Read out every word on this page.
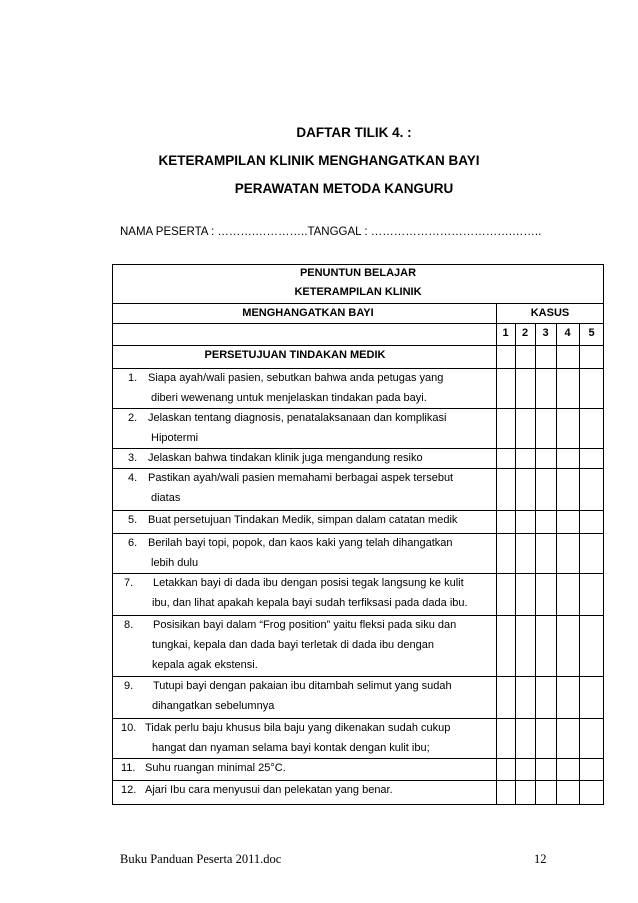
DAFTAR TILIK 4. :
KETERAMPILAN KLINIK MENGHANGATKAN BAYI
PERAWATAN METODA KANGURU
NAMA PESERTA : ……….…………..TANGGAL : ……………………………….……..
PENUNTUN BELAJAR
KETERAMPILAN KLINIK
MENGHANGATKAN BAYI	KASUS
1	2	3	4	5
PERSETUJUAN TINDAKAN MEDIK
1. Siapa ayah/wali pasien, sebutkan bahwa anda petugas yang
diberi wewenang untuk menjelaskan tindakan pada bayi.
2. Jelaskan tentang diagnosis, penatalaksanaan dan komplikasi
Hipotermi
3. Jelaskan bahwa tindakan klinik juga mengandung resiko
4. Pastikan ayah/wali pasien memahami berbagai aspek tersebut
diatas
5. Buat persetujuan Tindakan Medik, simpan dalam catatan medik
6. Berilah bayi topi, popok, dan kaos kaki yang telah dihangatkan
lebih dulu
7. Letakkan bayi di dada ibu dengan posisi tegak langsung ke kulit
ibu, dan lihat apakah kepala bayi sudah terfiksasi pada dada ibu.
8. Posisikan bayi dalam “Frog position” yaitu fleksi pada siku dan
tungkai, kepala dan dada bayi terletak di dada ibu dengan
kepala agak ekstensi.
9. Tutupi bayi dengan pakaian ibu ditambah selimut yang sudah
dihangatkan sebelumnya
10. Tidak perlu baju khusus bila baju yang dikenakan sudah cukup
hangat dan nyaman selama bayi kontak dengan kulit ibu;
11. Suhu ruangan minimal 25°C.
12. Ajari Ibu cara menyusui dan pelekatan yang benar.
Buku Panduan Peserta 2011.doc	12
